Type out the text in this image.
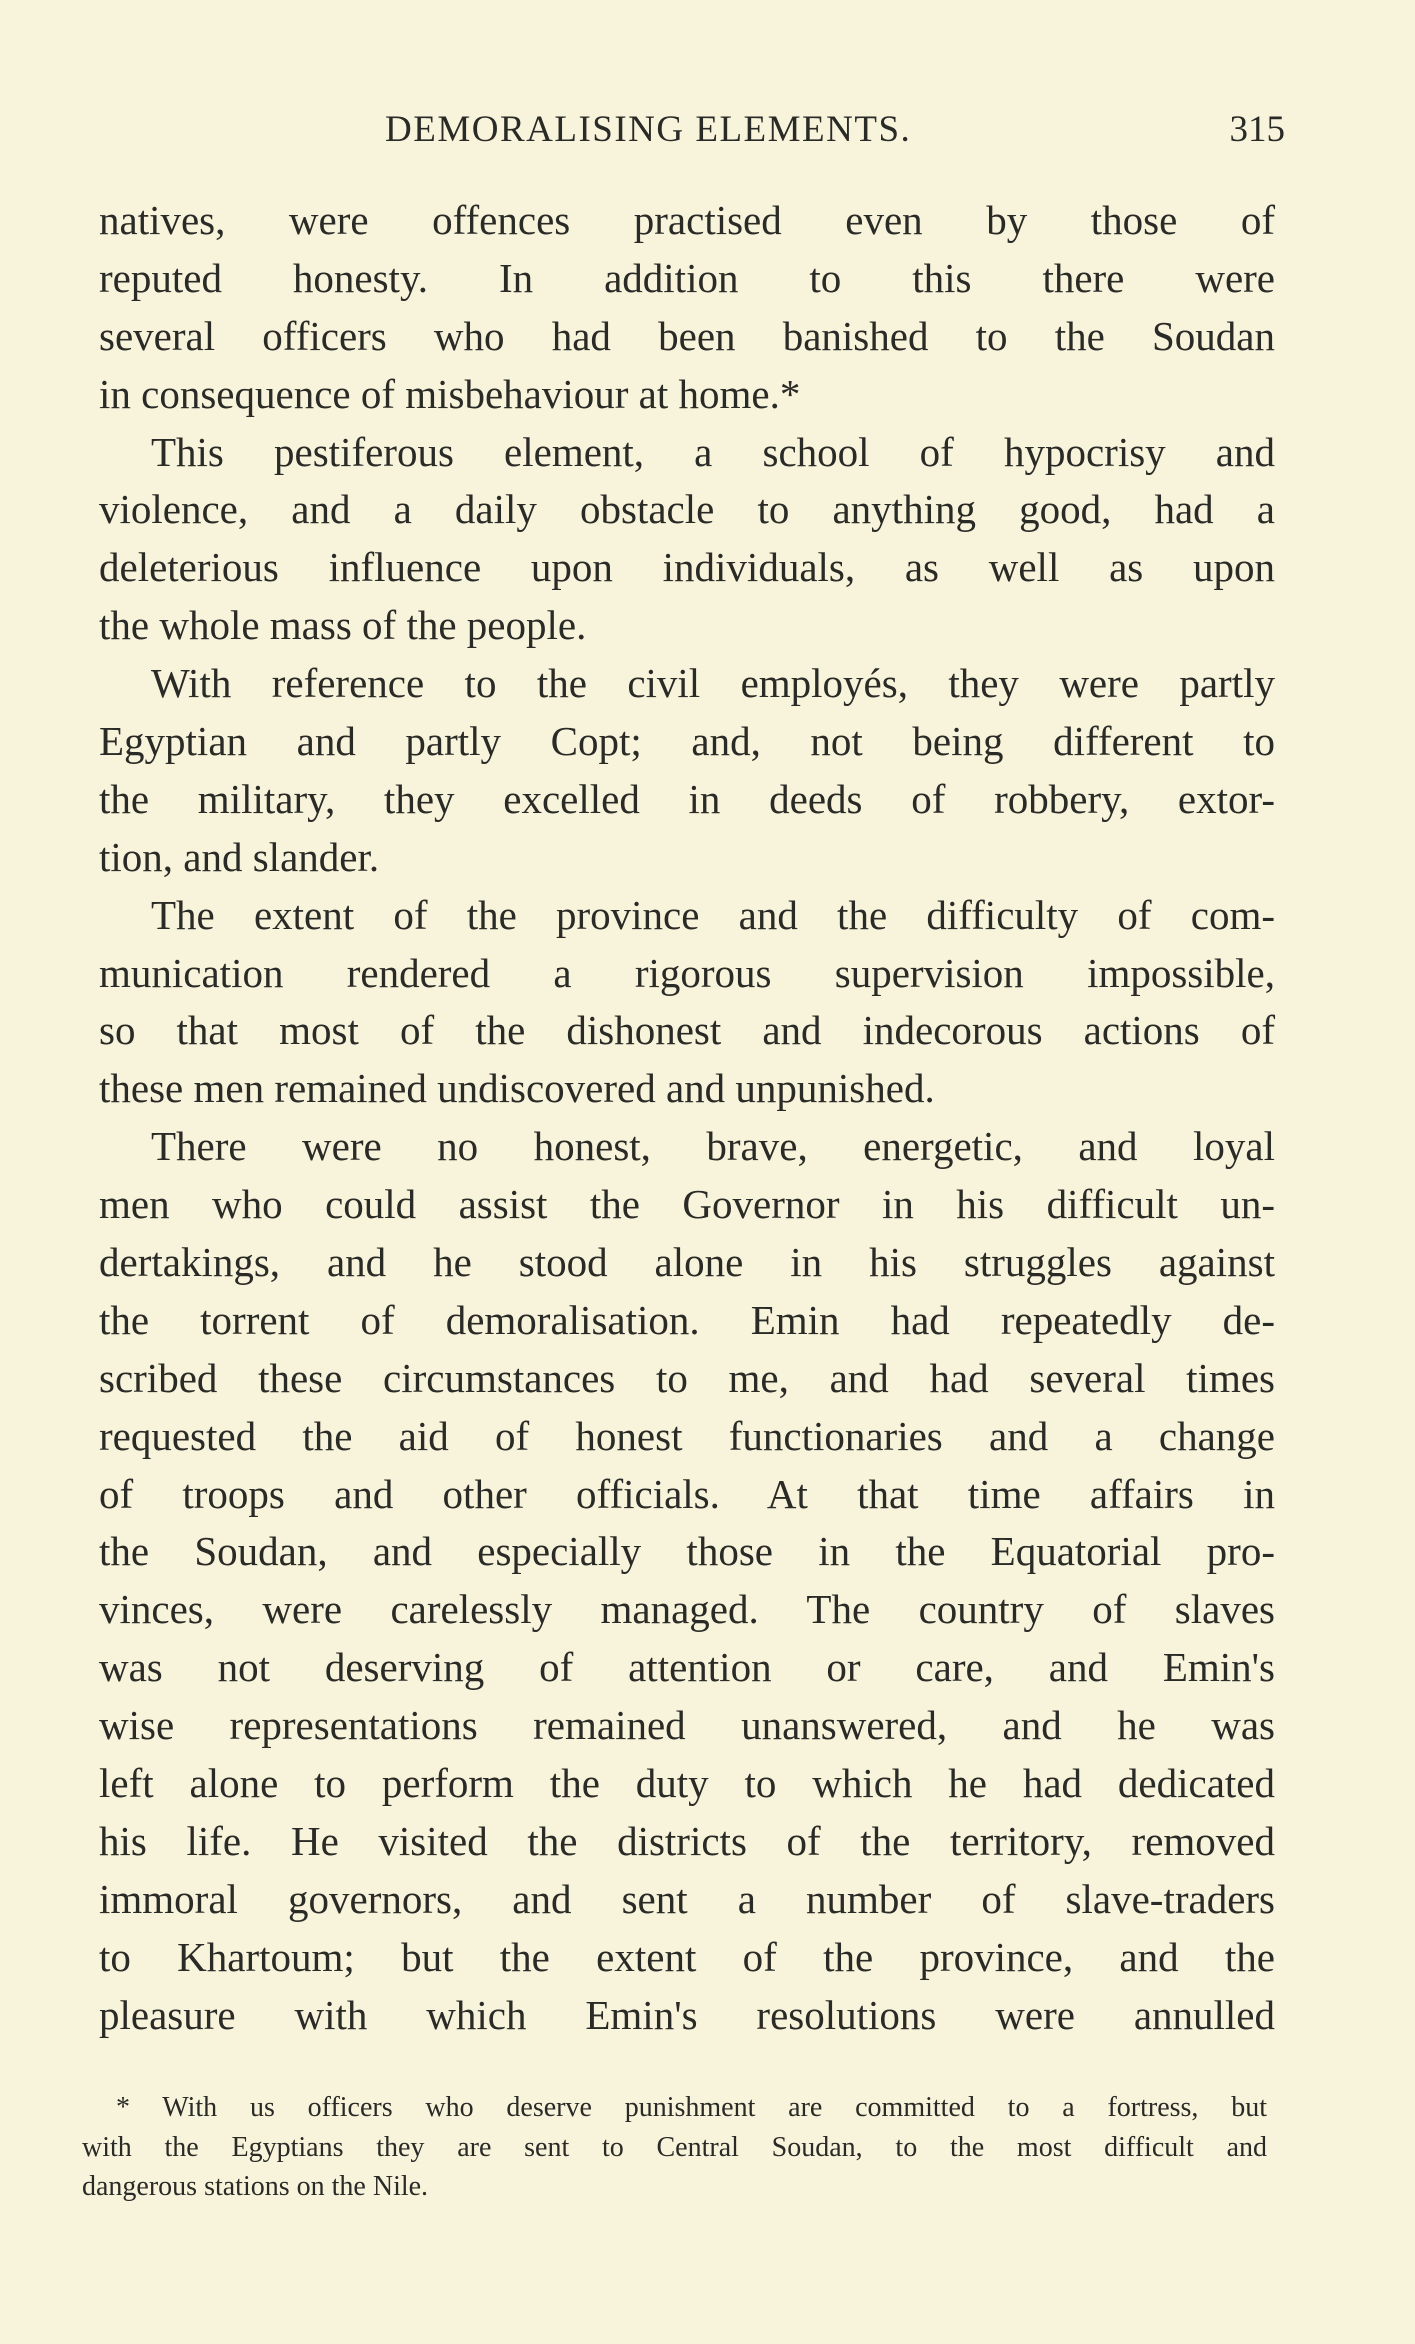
DEMORALISING ELEMENTS.	315
natives, were offences practised even by those of
reputed honesty. In addition to this there were
several officers who had been banished to the Soudan
in consequence of misbehaviour at home.*
This pestiferous element, a school of hypocrisy and
violence, and a daily obstacle to anything good, had a
deleterious influence upon individuals, as well as upon
the whole mass of the people.
With reference to the civil employés, they were partly
Egyptian and partly Copt; and, not being different to
the military, they excelled in deeds of robbery, extor-
tion, and slander.
The extent of the province and the difficulty of com-
munication rendered a rigorous supervision impossible,
so that most of the dishonest and indecorous actions of
these men remained undiscovered and unpunished.
There were no honest, brave, energetic, and loyal
men who could assist the Governor in his difficult un-
dertakings, and he stood alone in his struggles against
the torrent of demoralisation. Emin had repeatedly de-
scribed these circumstances to me, and had several times
requested the aid of honest functionaries and a change
of troops and other officials. At that time affairs in
the Soudan, and especially those in the Equatorial pro-
vinces, were carelessly managed. The country of slaves
was not deserving of attention or care, and Emin's
wise representations remained unanswered, and he was
left alone to perform the duty to which he had dedicated
his life. He visited the districts of the territory, removed
immoral governors, and sent a number of slave-traders
to Khartoum; but the extent of the province, and the
pleasure with which Emin's resolutions were annulled
* With us officers who deserve punishment are committed to a fortress, but
with the Egyptians they are sent to Central Soudan, to the most difficult and
dangerous stations on the Nile.
